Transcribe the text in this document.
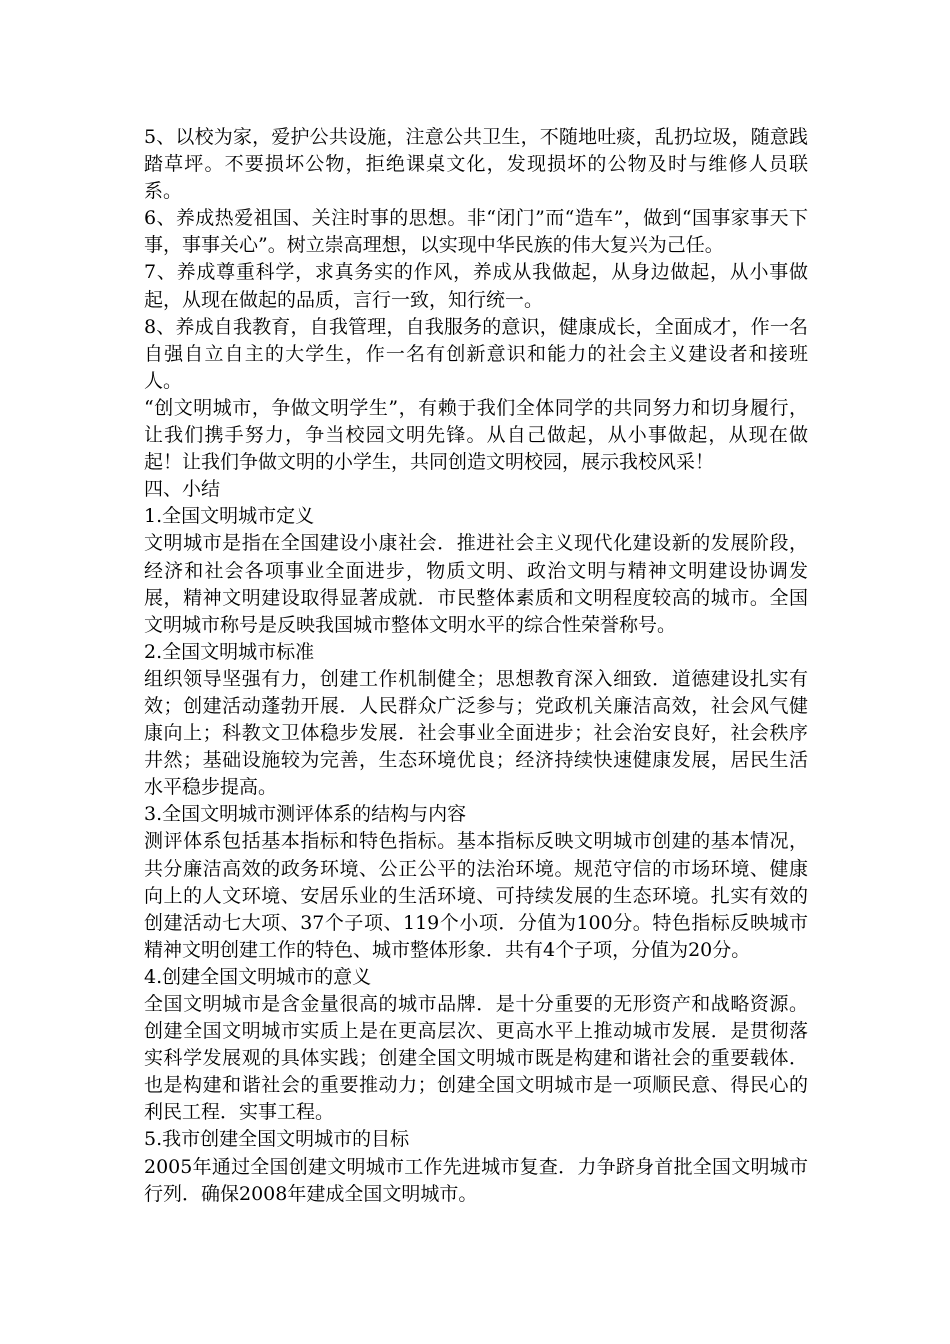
5、以校为家，爱护公共设施，注意公共卫生，不随地吐痰，乱扔垃圾，随意践踏草坪。不要损坏公物，拒绝课桌文化，发现损坏的公物及时与维修人员联系。

6、养成热爱祖国、关注时事的思想。非“闭门”而“造车”，做到“国事家事天下事，事事关心”。树立崇高理想，以实现中华民族的伟大复兴为己任。

7、养成尊重科学，求真务实的作风，养成从我做起，从身边做起，从小事做起，从现在做起的品质，言行一致，知行统一。

8、养成自我教育，自我管理，自我服务的意识，健康成长，全面成才，作一名自强自立自主的大学生，作一名有创新意识和能力的社会主义建设者和接班人。

“创文明城市，争做文明学生”，有赖于我们全体同学的共同努力和切身履行，让我们携手努力，争当校园文明先锋。从自己做起，从小事做起，从现在做起！让我们争做文明的小学生，共同创造文明校园，展示我校风采！

四、小结

1.全国文明城市定义

文明城市是指在全国建设小康社会．推进社会主义现代化建设新的发展阶段，经济和社会各项事业全面进步，物质文明、政治文明与精神文明建设协调发展，精神文明建设取得显著成就．市民整体素质和文明程度较高的城市。全国文明城市称号是反映我国城市整体文明水平的综合性荣誉称号。

2.全国文明城市标准

组织领导坚强有力，创建工作机制健全；思想教育深入细致．道德建设扎实有效；创建活动蓬勃开展．人民群众广泛参与；党政机关廉洁高效，社会风气健康向上；科教文卫体稳步发展．社会事业全面进步；社会治安良好，社会秩序井然；基础设施较为完善，生态环境优良；经济持续快速健康发展，居民生活水平稳步提高。

3.全国文明城市测评体系的结构与内容

测评体系包括基本指标和特色指标。基本指标反映文明城市创建的基本情况，共分廉洁高效的政务环境、公正公平的法治环境。规范守信的市场环境、健康向上的人文环境、安居乐业的生活环境、可持续发展的生态环境。扎实有效的创建活动七大项、37个子项、119个小项．分值为100分。特色指标反映城市精神文明创建工作的特色、城市整体形象．共有4个子项，分值为20分。

4.创建全国文明城市的意义

全国文明城市是含金量很高的城市品牌．是十分重要的无形资产和战略资源。创建全国文明城市实质上是在更高层次、更高水平上推动城市发展．是贯彻落实科学发展观的具体实践；创建全国文明城市既是构建和谐社会的重要载体．也是构建和谐社会的重要推动力；创建全国文明城市是一项顺民意、得民心的利民工程．实事工程。

5.我市创建全国文明城市的目标

2005年通过全国创建文明城市工作先进城市复查．力争跻身首批全国文明城市行列．确保2008年建成全国文明城市。
